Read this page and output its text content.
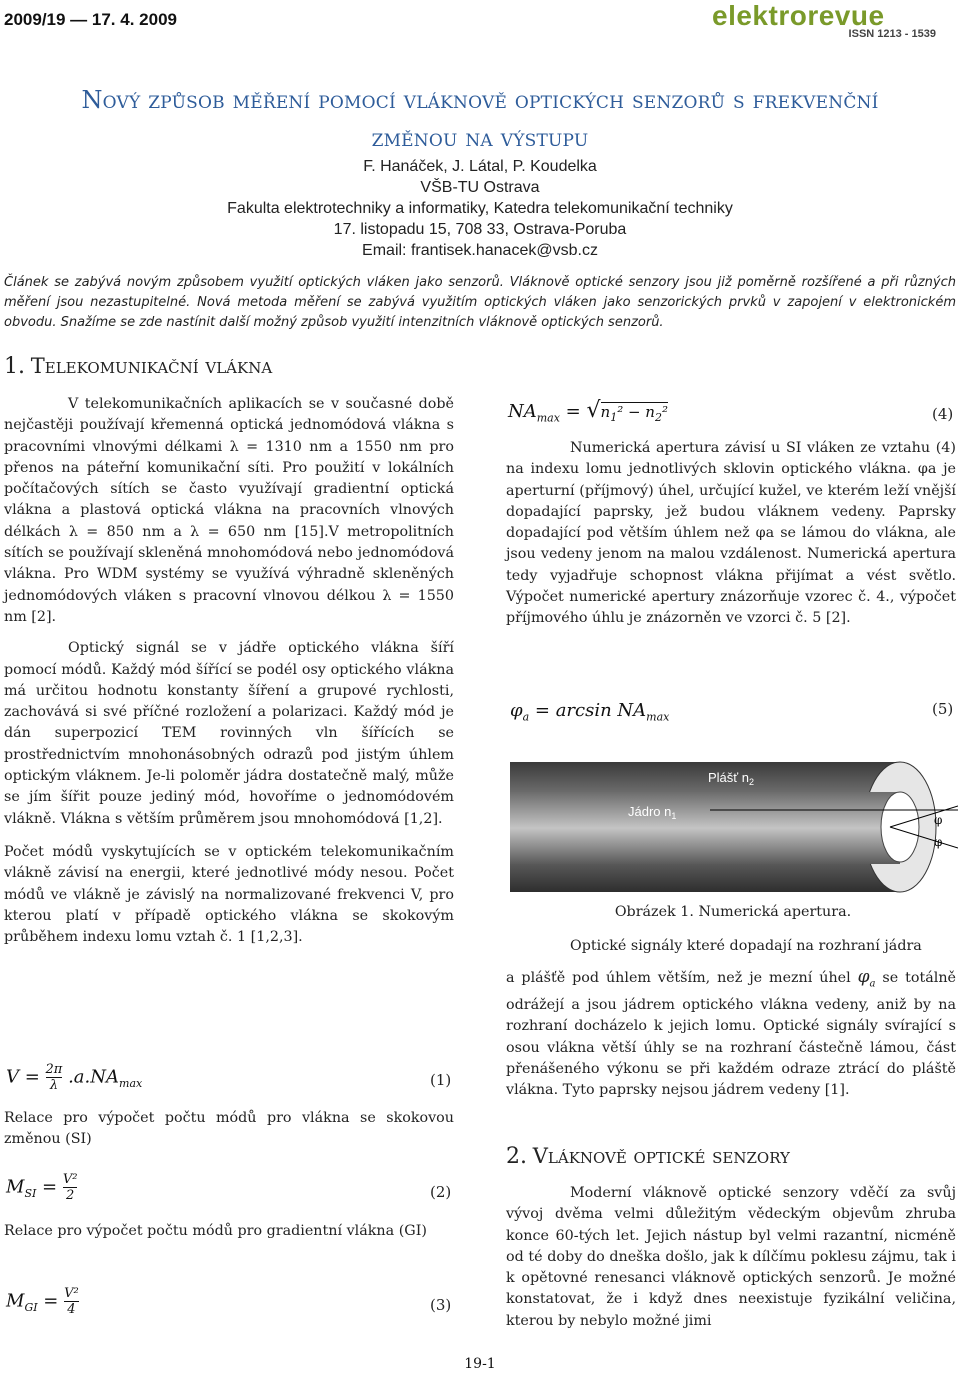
2009/19 — 17. 4. 2009	elektrorevue
ISSN 1213 - 1539
Nový způsob měření pomocí vláknově optických senzorů s frekvenční
změnou na výstupu
F. Hanáček, J. Látal, P. Koudelka
VŠB-TU Ostrava
Fakulta elektrotechniky a informatiky, Katedra telekomunikační techniky
17. listopadu 15, 708 33, Ostrava-Poruba
Email: frantisek.hanacek@vsb.cz
Článek se zabývá novým způsobem využití optických vláken jako senzorů. Vláknově optické senzory jsou již poměrně rozšířené a při různých měření jsou nezastupitelné. Nová metoda měření se zabývá využitím optických vláken jako senzorických prvků v zapojení v elektronickém obvodu. Snažíme se zde nastínit další možný způsob využití intenzitních vláknově optických senzorů.
1. Telekomunikační vlákna

V telekomunikačních aplikacích se v současné době nejčastěji používají křemenná optická jednomódová vlákna s pracovními vlnovými délkami λ = 1310 nm a 1550 nm pro přenos na páteřní komunikační síti. Pro použití v lokálních počítačových sítích se často využívají gradientní optická vlákna a plastová optická vlákna na pracovních vlnových délkách λ = 850 nm a λ = 650 nm [15].V metropolitních sítích se používají skleněná mnohomódová nebo jednomódová vlákna. Pro WDM systémy se využívá výhradně skleněných jednomódových vláken s pracovní vlnovou délkou λ = 1550 nm [2].

Optický signál se v jádře optického vlákna šíří pomocí módů. Každý mód šířící se podél osy optického vlákna má určitou hodnotu konstanty šíření a grupové rychlosti, zachovává si své příčné rozložení a polarizaci. Každý mód je dán superpozicí TEM rovinných vln šířících se prostřednictvím mnohonásobných odrazů pod jistým úhlem optickým vláknem. Je-li poloměr jádra dostatečně malý, může se jím šířit pouze jediný mód, hovoříme o jednomódovém vlákně. Vlákna s větším průměrem jsou mnohomódová [1,2].

Počet módů vyskytujících se v optickém telekomunikačním vlákně závisí na energii, které jednotlivé módy nesou. Počet módů ve vlákně je závislý na normalizované frekvenci V, pro kterou platí v případě optického vlákna se skokovým průběhem indexu lomu vztah č. 1 [1,2,3].

$V = \frac{2\pi}{\lambda} .a.NA_{max}$	(1)
Relace pro výpočet počtu módů pro vlákna se skokovou změnou (SI)
$M_{SI} = \frac{\text{V²}}{2}$	(2)
Relace pro výpočet počtu módů pro gradientní vlákna (GI)
$M_{GI} = \frac{\text{V²}}{4}$	(3)
$NA_{max} = √n_1^2 - n_2^2$	(4)

Numerická apertura závisí u SI vláken ze vztahu (4) na indexu lomu jednotlivých sklovin optického vlákna. φa je aperturní (příjmový) úhel, určující kužel, ve kterém leží vnější dopadající paprsky, jež budou vláknem vedeny. Paprsky dopadající pod větším úhlem než φa se lámou do vlákna, ale jsou vedeny jenom na malou vzdálenost. Numerická apertura tedy vyjadřuje schopnost vlákna přijímat a vést světlo. Výpočet numerické apertury znázorňuje vzorec č. 4., výpočet příjmového úhlu je znázorněn ve vzorci č. 5 [2].

$\varphi_a = \arcsin NA_{max}$	(5)
Plášť $n_2$
Jádro $n_1$	φ
φ
Obrázek 1. Numerická apertura.

Optické signály které dopadají na rozhraní jádra

a plášťě pod úhlem větším, než je mezní úhel $\varphi_a$ se totálně odrážejí a jsou jádrem optického vlákna vedeny, aniž by na rozhraní docházelo k jejich lomu. Optické signály svírající s osou vlákna větší úhly se na rozhraní částečně lámou, část přenášeného výkonu se při každém odraze ztrácí do pláště vlákna. Tyto paprsky nejsou jádrem vedeny [1].

2. Vláknově optické senzory

Moderní vláknově optické senzory vděčí za svůj vývoj dvěma velmi důležitým vědeckým objevům zhruba konce 60-tých let. Jejich nástup byl velmi razantní, nicméně od té doby do dneška došlo, jak k dílčímu poklesu zájmu, tak i k opětovné renesanci vláknově optických senzorů. Je možné konstatovat, že i když dnes neexistuje fyzikální veličina, kterou by nebylo možné jimi

19-1
